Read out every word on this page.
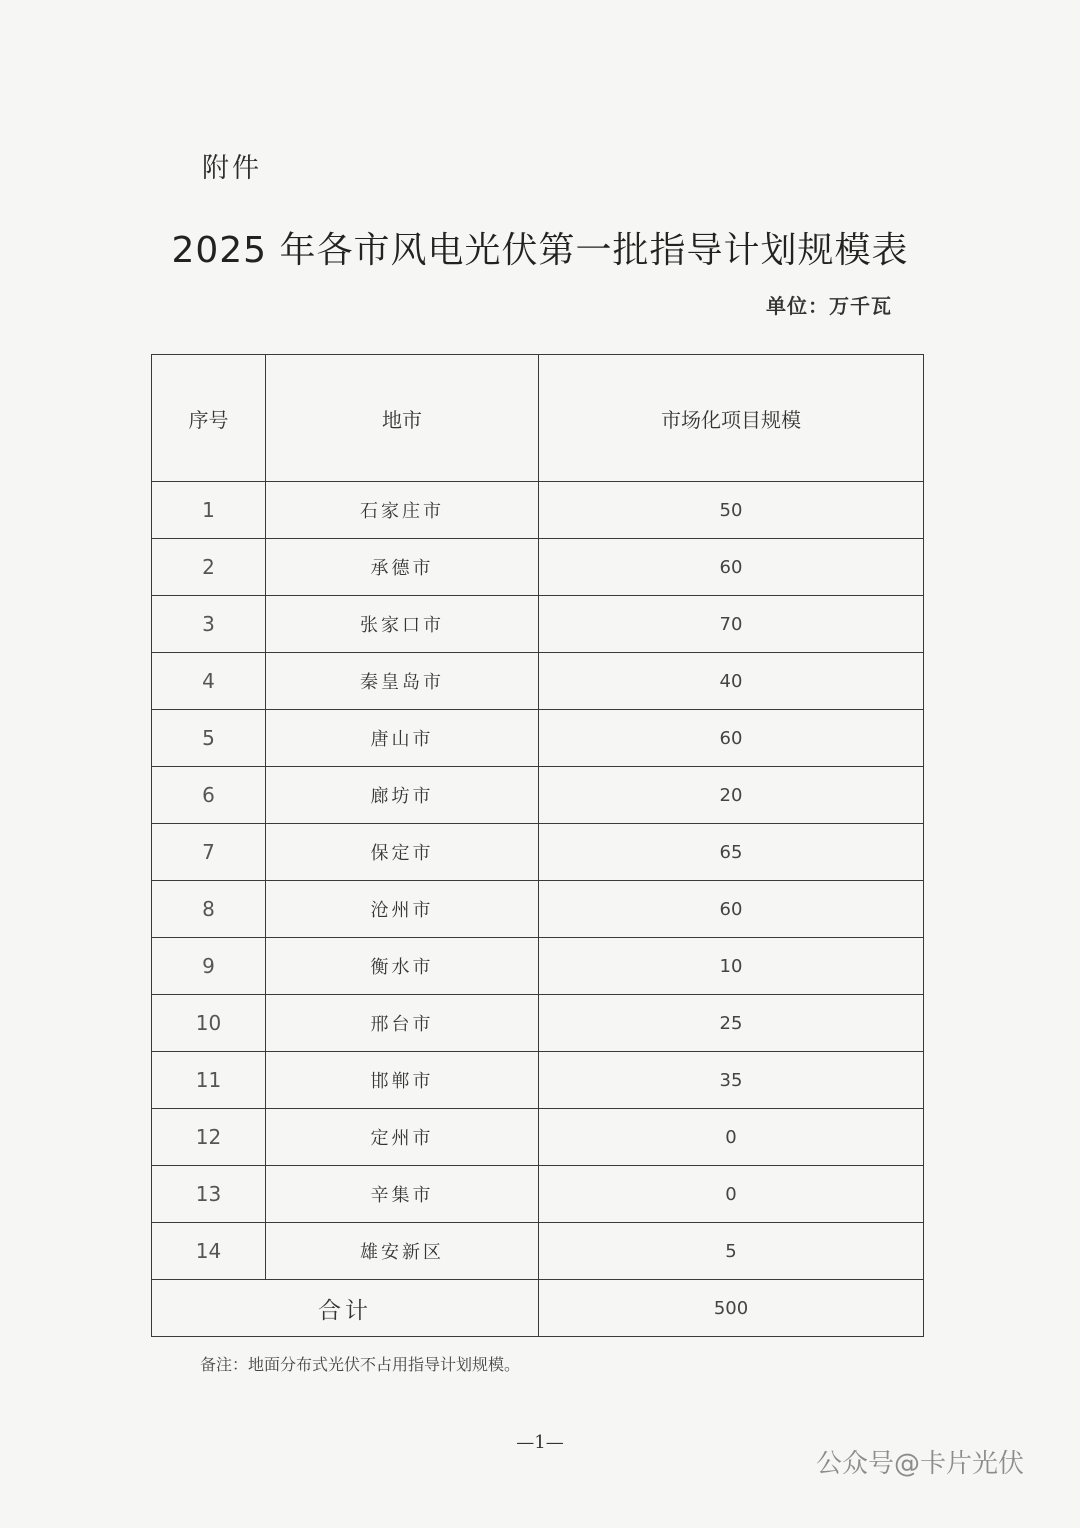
附件
2025 年各市风电光伏第一批指导计划规模表
单位：万千瓦
序号	地市	市场化项目规模
1	石家庄市	50
2	承德市	60
3	张家口市	70
4	秦皇岛市	40
5	唐山市	60
6	廊坊市	20
7	保定市	65
8	沧州市	60
9	衡水市	10
10	邢台市	25
11	邯郸市	35
12	定州市	0
13	辛集市	0
14	雄安新区	5
合计		500
备注：地面分布式光伏不占用指导计划规模。
—1—
公众号@卡片光伏
